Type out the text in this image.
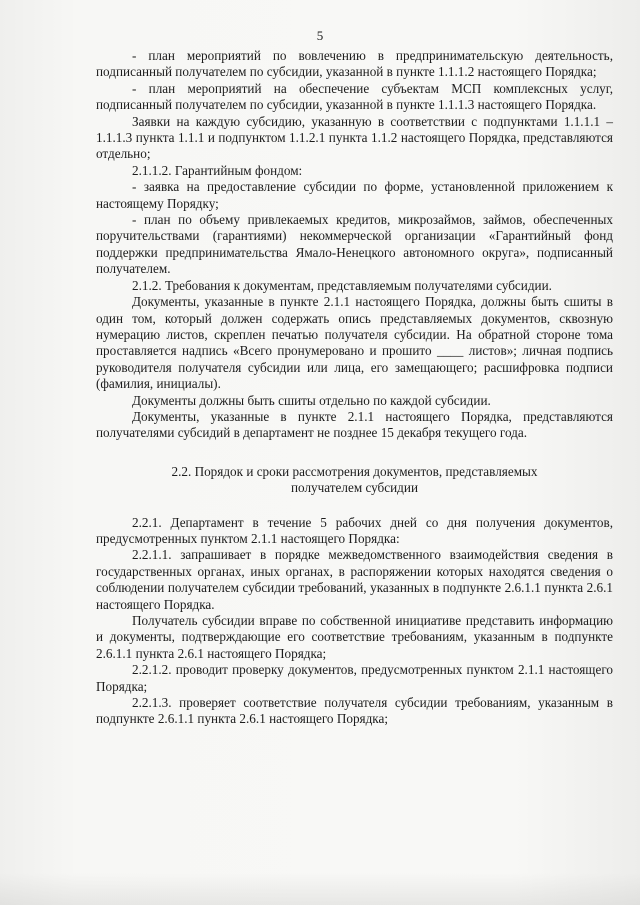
5

- план мероприятий по вовлечению в предпринимательскую деятельность, подписанный получателем по субсидии, указанной в пункте 1.1.1.2 настоящего Порядка;

- план мероприятий на обеспечение субъектам МСП комплексных услуг, подписанный получателем по субсидии, указанной в пункте 1.1.1.3 настоящего Порядка.

Заявки на каждую субсидию, указанную в соответствии с подпунктами 1.1.1.1 – 1.1.1.3 пункта 1.1.1 и подпунктом 1.1.2.1 пункта 1.1.2 настоящего Порядка, представляются отдельно;

2.1.1.2. Гарантийным фондом:

- заявка на предоставление субсидии по форме, установленной приложением к настоящему Порядку;

- план по объему привлекаемых кредитов, микрозаймов, займов, обеспеченных поручительствами (гарантиями) некоммерческой организации «Гарантийный фонд поддержки предпринимательства Ямало-Ненецкого автономного округа», подписанный получателем.

2.1.2. Требования к документам, представляемым получателями субсидии.

Документы, указанные в пункте 2.1.1 настоящего Порядка, должны быть сшиты в один том, который должен содержать опись представляемых документов, сквозную нумерацию листов, скреплен печатью получателя субсидии. На обратной стороне тома проставляется надпись «Всего пронумеровано и прошито ____ листов»; личная подпись руководителя получателя субсидии или лица, его замещающего; расшифровка подписи (фамилия, инициалы).

Документы должны быть сшиты отдельно по каждой субсидии.

Документы, указанные в пункте 2.1.1 настоящего Порядка, представляются получателями субсидий в департамент не позднее 15 декабря текущего года.

2.2. Порядок и сроки рассмотрения документов, представляемых
получателем субсидии

2.2.1. Департамент в течение 5 рабочих дней со дня получения документов, предусмотренных пунктом 2.1.1 настоящего Порядка:

2.2.1.1. запрашивает в порядке межведомственного взаимодействия сведения в государственных органах, иных органах, в распоряжении которых находятся сведения о соблюдении получателем субсидии требований, указанных в подпункте 2.6.1.1 пункта 2.6.1 настоящего Порядка.

Получатель субсидии вправе по собственной инициативе представить информацию и документы, подтверждающие его соответствие требованиям, указанным в подпункте 2.6.1.1 пункта 2.6.1 настоящего Порядка;

2.2.1.2. проводит проверку документов, предусмотренных пунктом 2.1.1 настоящего Порядка;

2.2.1.3. проверяет соответствие получателя субсидии требованиям, указанным в подпункте 2.6.1.1 пункта 2.6.1 настоящего Порядка;
